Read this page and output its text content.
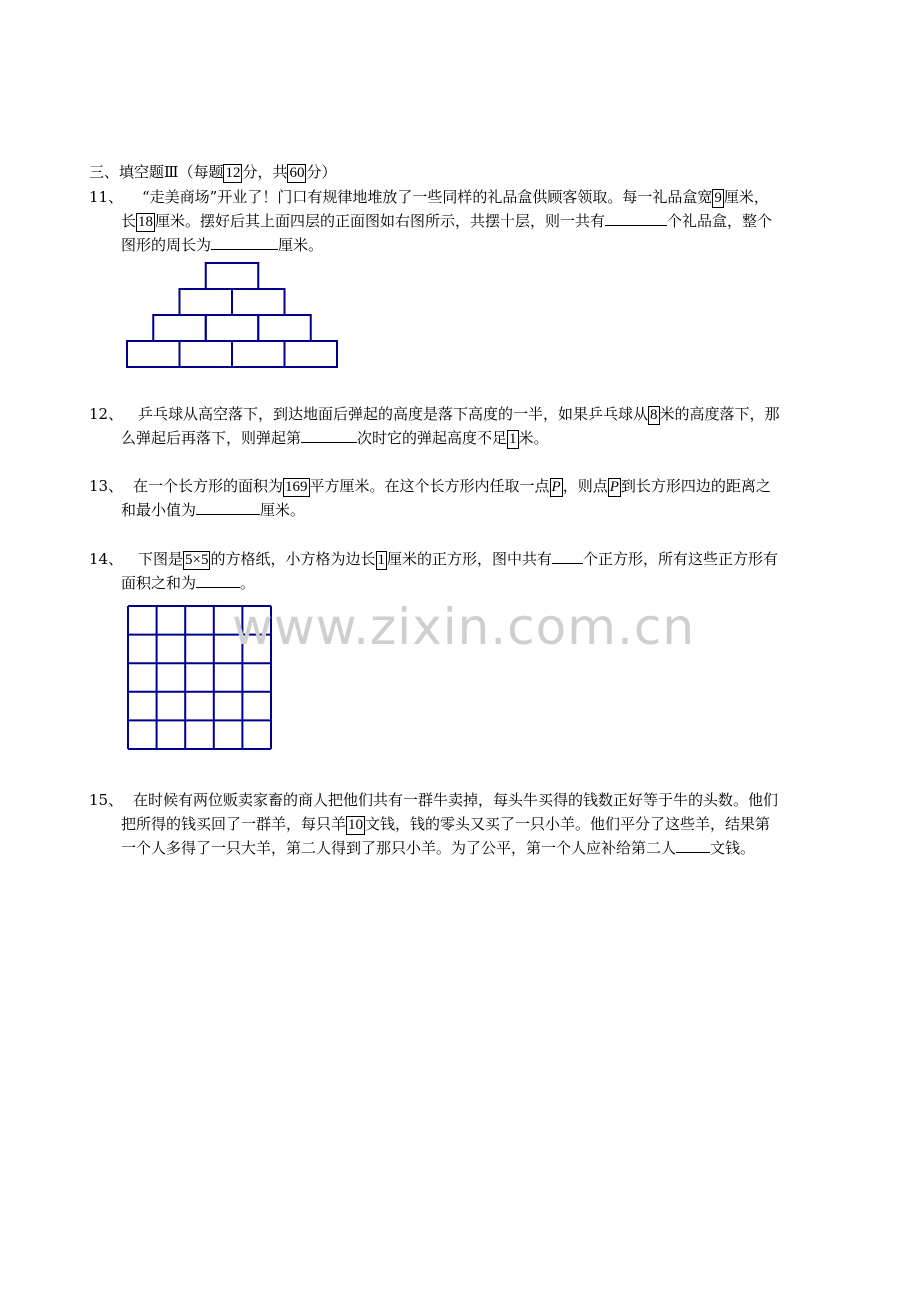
三、填空题Ⅲ（每题 12 分，共 60 分）
11、 “走美商场”开业了！门口有规律地堆放了一些同样的礼品盒供顾客领取。每一礼品盒宽 9 厘米，
长 18 厘米。摆好后其上面四层的正面图如右图所示，共摆十层，则一共有	个礼品盒，整个
图形的周长为	厘米。
12、 乒乓球从高空落下，到达地面后弹起的高度是落下高度的一半，如果乒乓球从 8 米的高度落下，那
么弹起后再落下，则弹起第	次时它的弹起高度不足 1 米。
13、 在一个长方形的面积为 169 平方厘米。在这个长方形内任取一点 P ，则点 P 到长方形四边的距离之
和最小值为	厘米。
14、 下图是 5×5 的方格纸，小方格为边长 1 厘米的正方形，图中共有 个正方形，所有这些正方形有
面积之和为	。
www.zixin.com.cn
15、 在时候有两位贩卖家畜的商人把他们共有一群牛卖掉，每头牛买得的钱数正好等于牛的头数。他们
把所得的钱买回了一群羊，每只羊 10 文钱，钱的零头又买了一只小羊。他们平分了这些羊，结果第
一个人多得了一只大羊，第二人得到了那只小羊。为了公平，第一个人应补给第二人 文钱。
